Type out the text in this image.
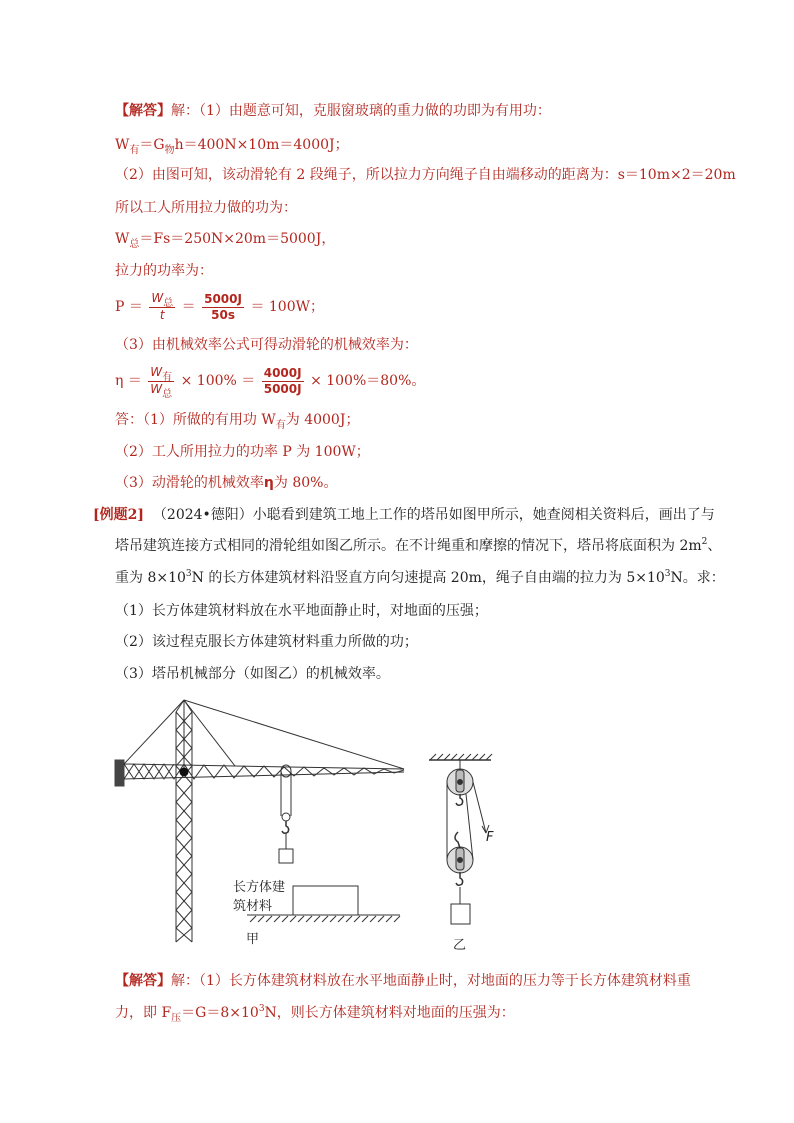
【解答】解：（1）由题意可知，克服窗玻璃的重力做的功即为有用功：
$W_有=G_物h=400N\times 10m=4000J$；
（2）由图可知，该动滑轮有 2 段绳子，所以拉力方向绳子自由端移动的距离为：s＝10m×2＝20m
所以工人所用拉力做的功为：
$W_总=Fs=250N\times 20m=5000J$，
拉力的功率为：
$P = \frac{W_总}{t} = \frac{5000J}{50s} = 100W$；
（3）由机械效率公式可得动滑轮的机械效率为：
$\eta = \frac{W_有}{W_总} \times 100\% = \frac{4000J}{5000J} \times 100\%=80\%$。
答：（1）所做的有用功 $W_有$为 4000J；
（2）工人所用拉力的功率 P 为 100W；
（3）动滑轮的机械效率η为 80%。
[例题2] （2024•德阳）小聪看到建筑工地上工作的塔吊如图甲所示，她查阅相关资料后，画出了与
塔吊建筑连接方式相同的滑轮组如图乙所示。在不计绳重和摩擦的情况下，塔吊将底面积为 $2m^2$、
重为 $8\times 10^3N$ 的长方体建筑材料沿竖直方向匀速提高 20m，绳子自由端的拉力为 $5\times 10^3N$。求：
（1）长方体建筑材料放在水平地面静止时，对地面的压强；
（2）该过程克服长方体建筑材料重力所做的功；
（3）塔吊机械部分（如图乙）的机械效率。
F
长方体建
筑材料
甲	乙
【解答】解：（1）长方体建筑材料放在水平地面静止时，对地面的压力等于长方体建筑材料重
力，即 $F_压=G=8\times 10^3N$，则长方体建筑材料对地面的压强为：
